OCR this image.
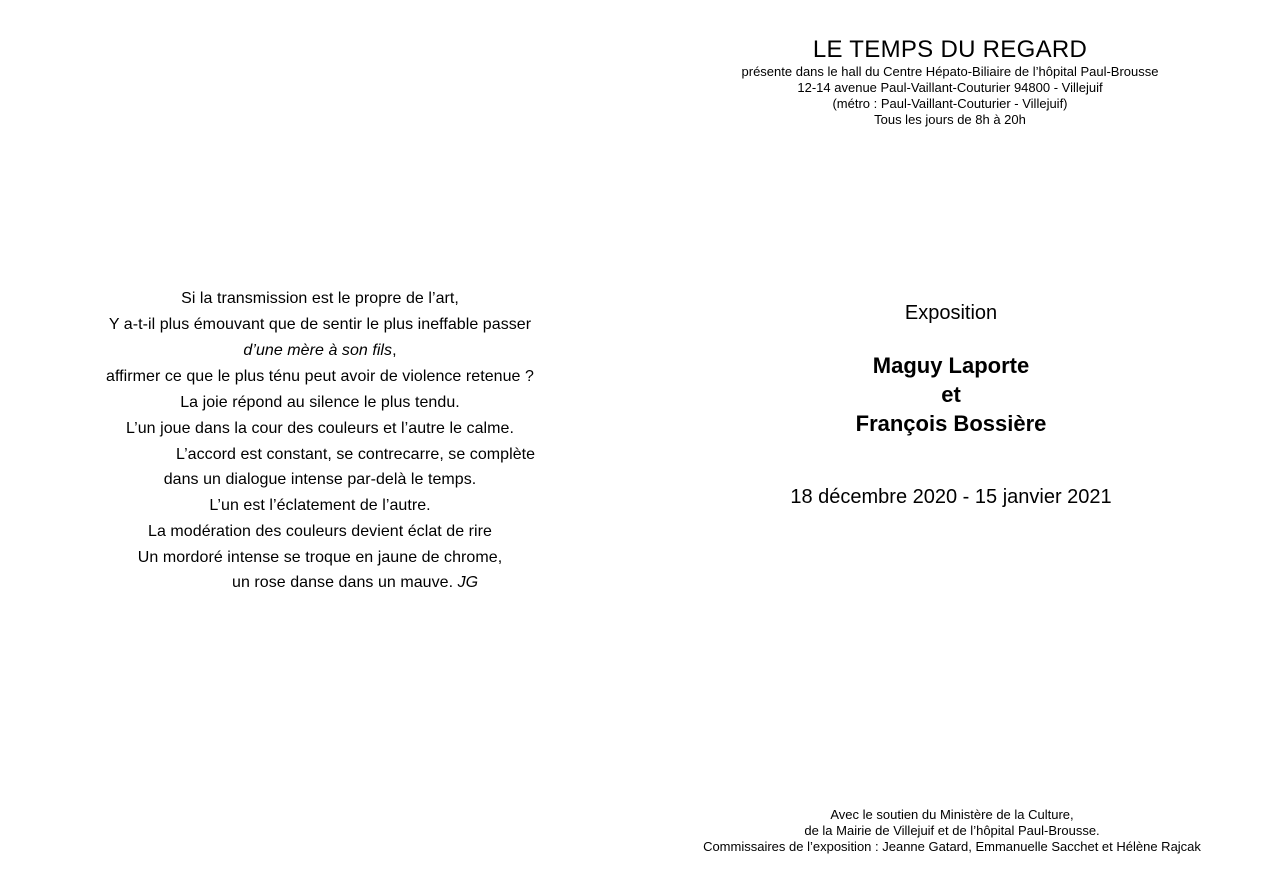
LE TEMPS DU REGARD
présente dans le hall du Centre Hépato-Biliaire de l’hôpital Paul-Brousse
12-14 avenue Paul-Vaillant-Couturier 94800 - Villejuif
(métro : Paul-Vaillant-Couturier - Villejuif)
Tous les jours de 8h à 20h
Si la transmission est le propre de l’art,
Y a-t-il plus émouvant que de sentir le plus ineffable passer
d’une mère à son fils,
affirmer ce que le plus ténu peut avoir de violence retenue ?
La joie répond au silence le plus tendu.
L’un joue dans la cour des couleurs et l’autre le calme.
L’accord est constant, se contrecarre, se complète
dans un dialogue intense par-delà le temps.
L’un est l’éclatement de l’autre.
La modération des couleurs devient éclat de rire
Un mordoré intense se troque en jaune de chrome,
un rose danse dans un mauve. JG
Exposition
Maguy Laporte
et
François Bossière
18 décembre 2020 - 15 janvier 2021
Avec le soutien du Ministère de la Culture,
de la Mairie de Villejuif et de l’hôpital Paul-Brousse.
Commissaires de l’exposition : Jeanne Gatard, Emmanuelle Sacchet et Hélène Rajcak
